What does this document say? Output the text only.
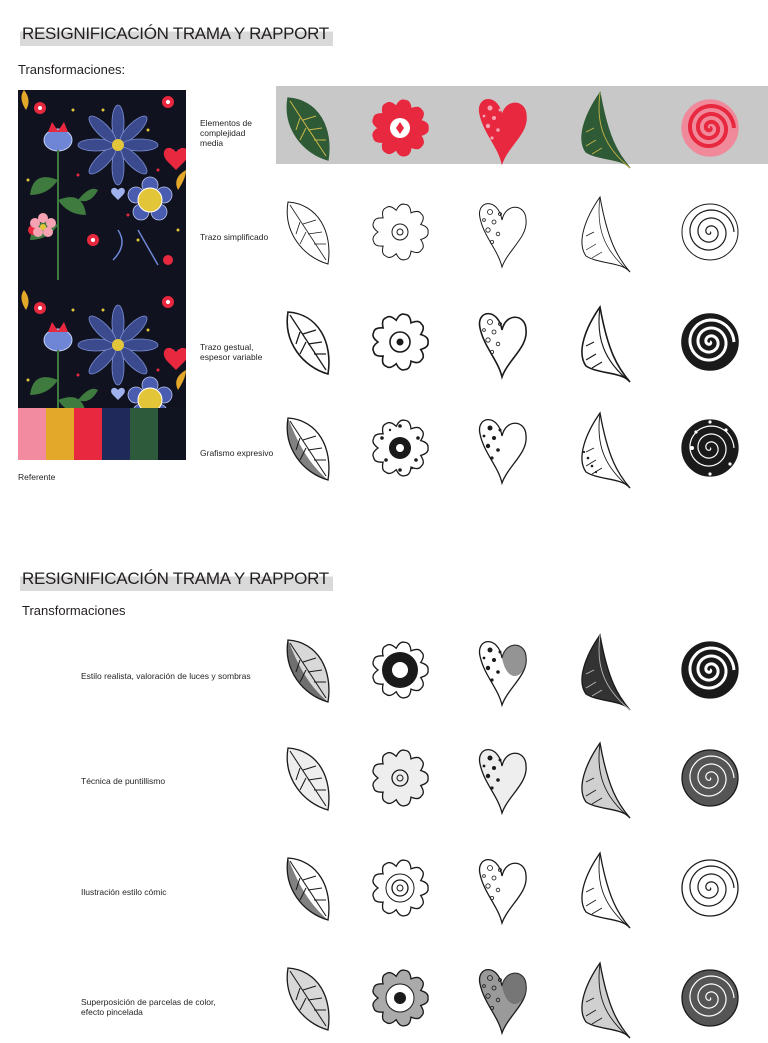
RESIGNIFICACIÓN TRAMA Y RAPPORT
Transformaciones:
Referente
Elementos de
complejidad
media
Trazo simplificado
Trazo gestual,
espesor variable
Grafismo expresivo
RESIGNIFICACIÓN TRAMA Y RAPPORT
Transformaciones
Estilo realista, valoración de luces y sombras
Técnica de puntillismo
Ilustración estilo cómic
Superposición de parcelas de color,
efecto pincelada
